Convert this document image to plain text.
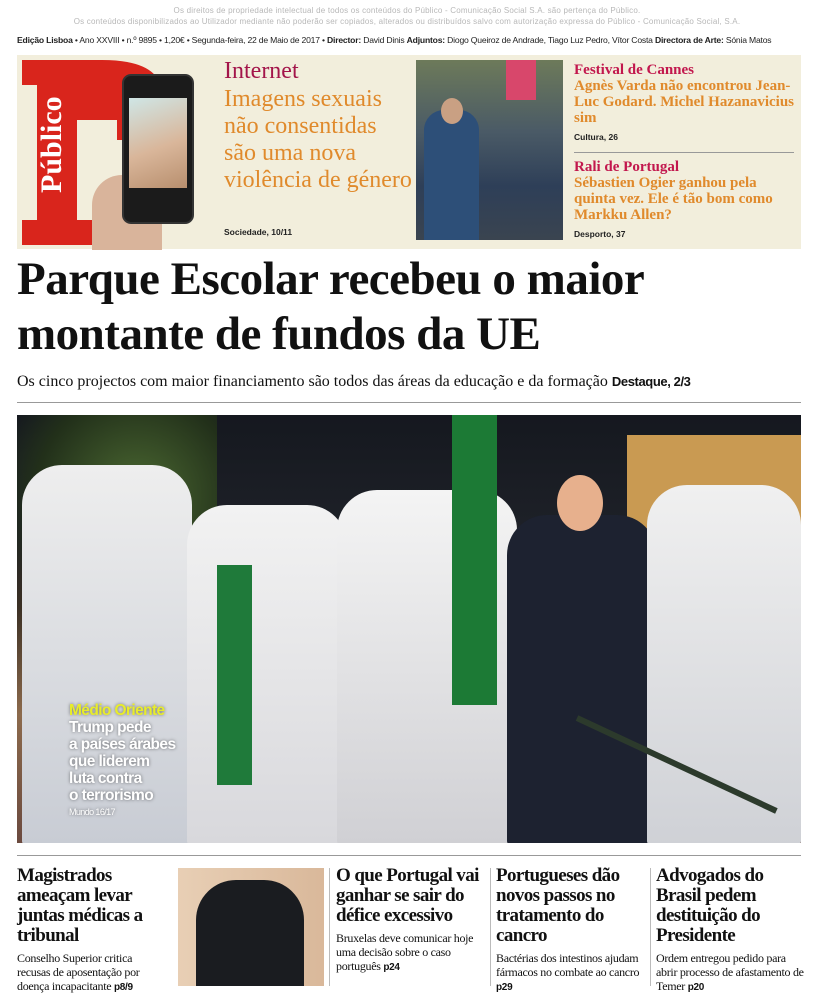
Os direitos de propriedade intelectual de todos os conteúdos do Público - Comunicação Social S.A. são pertença do Público.
Os conteúdos disponibilizados ao Utilizador mediante não poderão ser copiados, alterados ou distribuídos salvo com autorização expressa do Público - Comunicação Social, S.A.
Edição Lisboa • Ano XXVIII • n.º 9895 • 1,20€ • Segunda-feira, 22 de Maio de 2017 • Director: David Dinis Adjuntos: Diogo Queiroz de Andrade, Tiago Luz Pedro, Vítor Costa Directora de Arte: Sónia Matos
Público
Internet
Imagens sexuais não consentidas são uma nova violência de género
Sociedade, 10/11
Festival de Cannes
Agnès Varda não encontrou Jean-Luc Godard. Michel Hazanavicius sim
Cultura, 26
Rali de Portugal
Sébastien Ogier ganhou pela quinta vez. Ele é tão bom como Markku Allen?
Desporto, 37
Parque Escolar recebeu o maior
montante de fundos da UE
Os cinco projectos com maior financiamento são todos das áreas da educação e da formação Destaque, 2/3
Médio Oriente
Trump pede
a países árabes
que liderem
luta contra
o terrorismo
Mundo 16/17
Magistrados ameaçam levar juntas médicas a tribunal
Conselho Superior critica recusas de aposentação por doença incapacitante p8/9
O que Portugal vai ganhar se sair do défice excessivo
Bruxelas deve comunicar hoje uma decisão sobre o caso português p24
Portugueses dão novos passos no tratamento do cancro
Bactérias dos intestinos ajudam fármacos no combate ao cancro p29
Advogados do Brasil pedem destituição do Presidente
Ordem entregou pedido para abrir processo de afastamento de Temer p20
